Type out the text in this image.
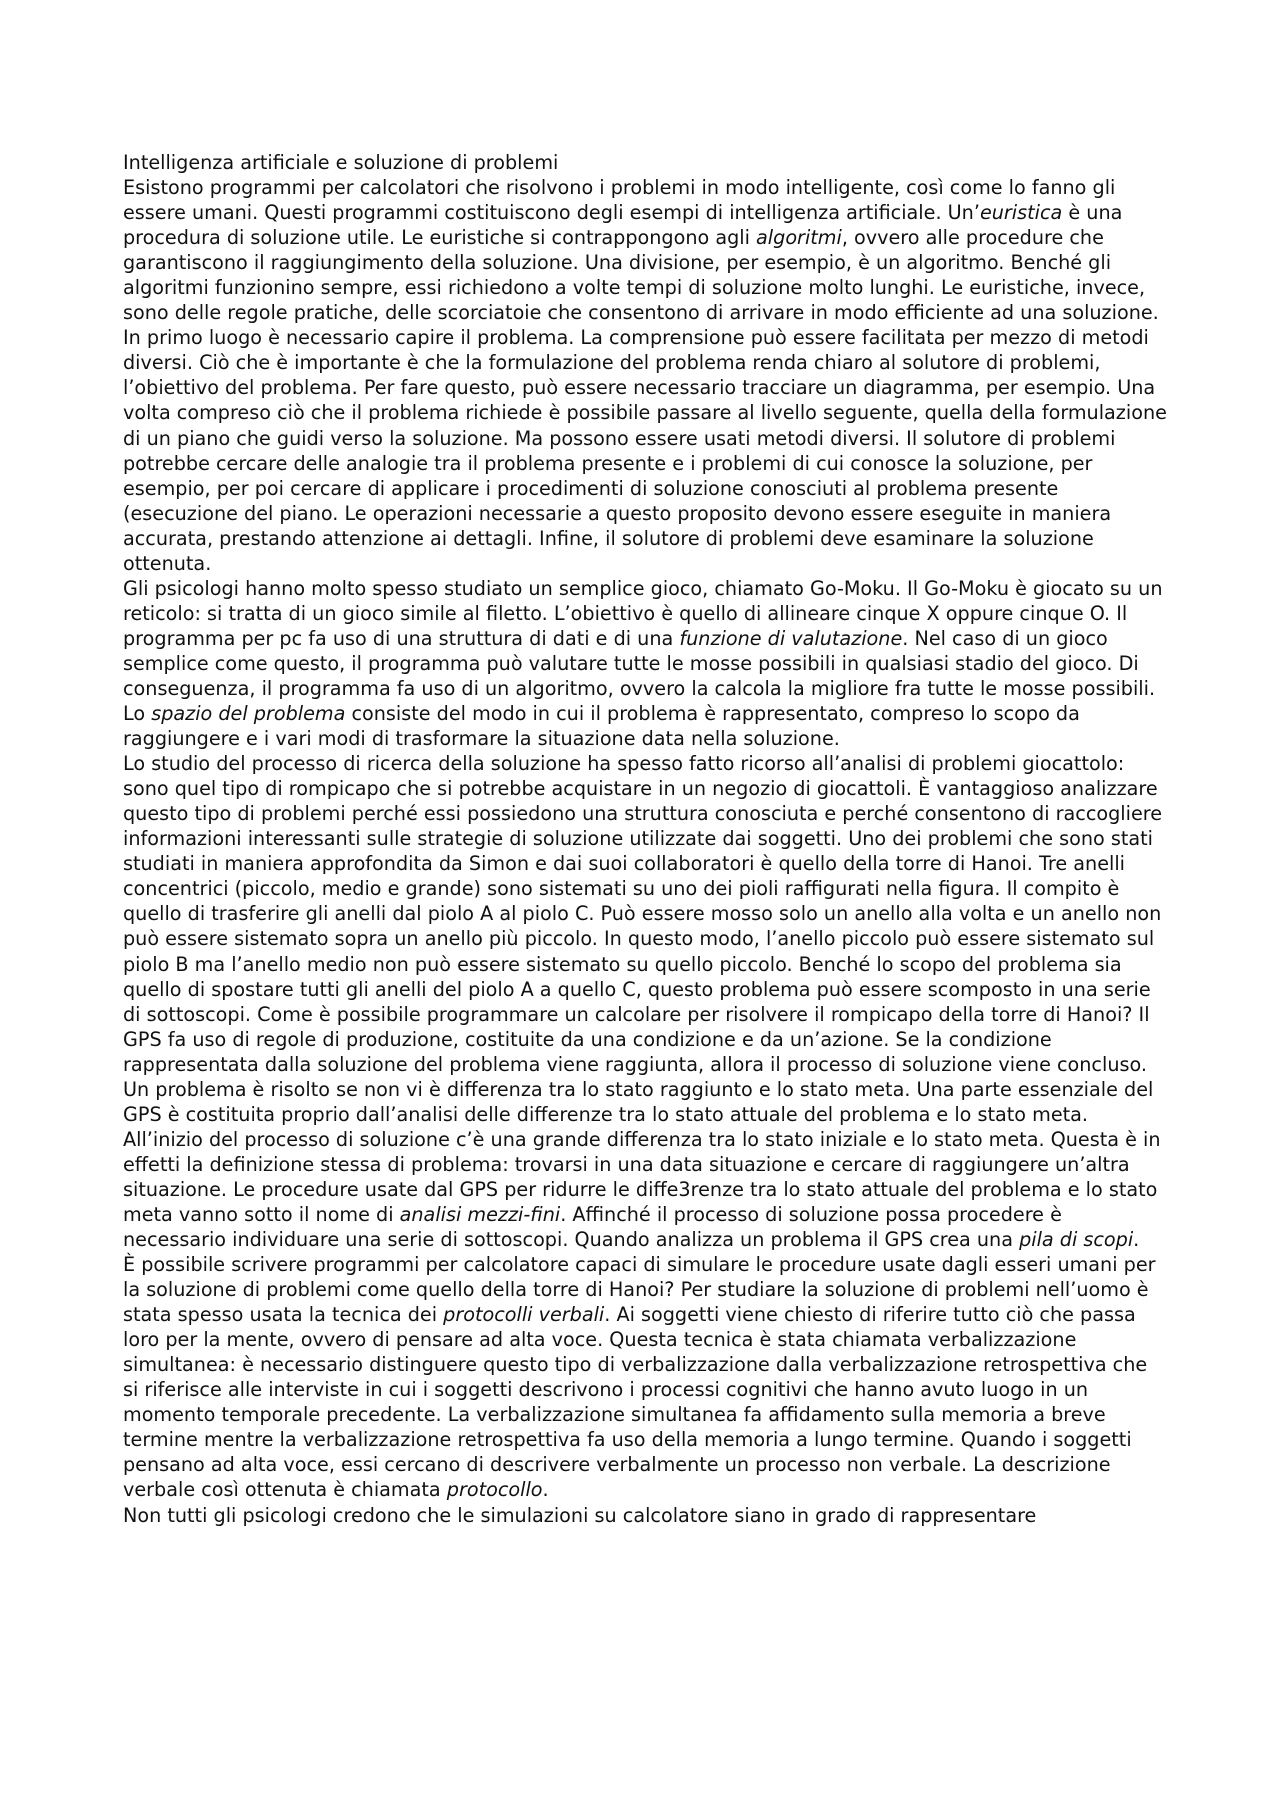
Intelligenza artificiale e soluzione di problemi

Esistono programmi per calcolatori che risolvono i problemi in modo intelligente, così come lo fanno gli essere umani. Questi programmi costituiscono degli esempi di intelligenza artificiale. Un’euristica è una procedura di soluzione utile. Le euristiche si contrappongono agli algoritmi, ovvero alle procedure che garantiscono il raggiungimento della soluzione. Una divisione, per esempio, è un algoritmo. Benché gli algoritmi funzionino sempre, essi richiedono a volte tempi di soluzione molto lunghi. Le euristiche, invece, sono delle regole pratiche, delle scorciatoie che consentono di arrivare in modo efficiente ad una soluzione. In primo luogo è necessario capire il problema. La comprensione può essere facilitata per mezzo di metodi diversi. Ciò che è importante è che la formulazione del problema renda chiaro al solutore di problemi, l’obiettivo del problema. Per fare questo, può essere necessario tracciare un diagramma, per esempio. Una volta compreso ciò che il problema richiede è possibile passare al livello seguente, quella della formulazione di un piano che guidi verso la soluzione. Ma possono essere usati metodi diversi. Il solutore di problemi potrebbe cercare delle analogie tra il problema presente e i problemi di cui conosce la soluzione, per esempio, per poi cercare di applicare i procedimenti di soluzione conosciuti al problema presente (esecuzione del piano. Le operazioni necessarie a questo proposito devono essere eseguite in maniera accurata, prestando attenzione ai dettagli. Infine, il solutore di problemi deve esaminare la soluzione ottenuta.

Gli psicologi hanno molto spesso studiato un semplice gioco, chiamato Go-Moku. Il Go-Moku è giocato su un reticolo: si tratta di un gioco simile al filetto. L’obiettivo è quello di allineare cinque X oppure cinque O. Il programma per pc fa uso di una struttura di dati e di una funzione di valutazione. Nel caso di un gioco semplice come questo, il programma può valutare tutte le mosse possibili in qualsiasi stadio del gioco. Di conseguenza, il programma fa uso di un algoritmo, ovvero la calcola la migliore fra tutte le mosse possibili. Lo spazio del problema consiste del modo in cui il problema è rappresentato, compreso lo scopo da raggiungere e i vari modi di trasformare la situazione data nella soluzione.

Lo studio del processo di ricerca della soluzione ha spesso fatto ricorso all’analisi di problemi giocattolo: sono quel tipo di rompicapo che si potrebbe acquistare in un negozio di giocattoli. È vantaggioso analizzare questo tipo di problemi perché essi possiedono una struttura conosciuta e perché consentono di raccogliere informazioni interessanti sulle strategie di soluzione utilizzate dai soggetti. Uno dei problemi che sono stati studiati in maniera approfondita da Simon e dai suoi collaboratori è quello della torre di Hanoi. Tre anelli concentrici (piccolo, medio e grande) sono sistemati su uno dei pioli raffigurati nella figura. Il compito è quello di trasferire gli anelli dal piolo A al piolo C. Può essere mosso solo un anello alla volta e un anello non può essere sistemato sopra un anello più piccolo. In questo modo, l’anello piccolo può essere sistemato sul piolo B ma l’anello medio non può essere sistemato su quello piccolo. Benché lo scopo del problema sia quello di spostare tutti gli anelli del piolo A a quello C, questo problema può essere scomposto in una serie di sottoscopi. Come è possibile programmare un calcolare per risolvere il rompicapo della torre di Hanoi? Il GPS fa uso di regole di produzione, costituite da una condizione e da un’azione. Se la condizione rappresentata dalla soluzione del problema viene raggiunta, allora il processo di soluzione viene concluso. Un problema è risolto se non vi è differenza tra lo stato raggiunto e lo stato meta. Una parte essenziale del GPS è costituita proprio dall’analisi delle differenze tra lo stato attuale del problema e lo stato meta. All’inizio del processo di soluzione c’è una grande differenza tra lo stato iniziale e lo stato meta. Questa è in effetti la definizione stessa di problema: trovarsi in una data situazione e cercare di raggiungere un’altra situazione. Le procedure usate dal GPS per ridurre le diffe3renze tra lo stato attuale del problema e lo stato meta vanno sotto il nome di analisi mezzi-fini. Affinché il processo di soluzione possa procedere è necessario individuare una serie di sottoscopi. Quando analizza un problema il GPS crea una pila di scopi.

È possibile scrivere programmi per calcolatore capaci di simulare le procedure usate dagli esseri umani per la soluzione di problemi come quello della torre di Hanoi? Per studiare la soluzione di problemi nell’uomo è stata spesso usata la tecnica dei protocolli verbali. Ai soggetti viene chiesto di riferire tutto ciò che passa loro per la mente, ovvero di pensare ad alta voce. Questa tecnica è stata chiamata verbalizzazione simultanea: è necessario distinguere questo tipo di verbalizzazione dalla verbalizzazione retrospettiva che si riferisce alle interviste in cui i soggetti descrivono i processi cognitivi che hanno avuto luogo in un momento temporale precedente. La verbalizzazione simultanea fa affidamento sulla memoria a breve termine mentre la verbalizzazione retrospettiva fa uso della memoria a lungo termine. Quando i soggetti pensano ad alta voce, essi cercano di descrivere verbalmente un processo non verbale. La descrizione verbale così ottenuta è chiamata protocollo.

Non tutti gli psicologi credono che le simulazioni su calcolatore siano in grado di rappresentare
